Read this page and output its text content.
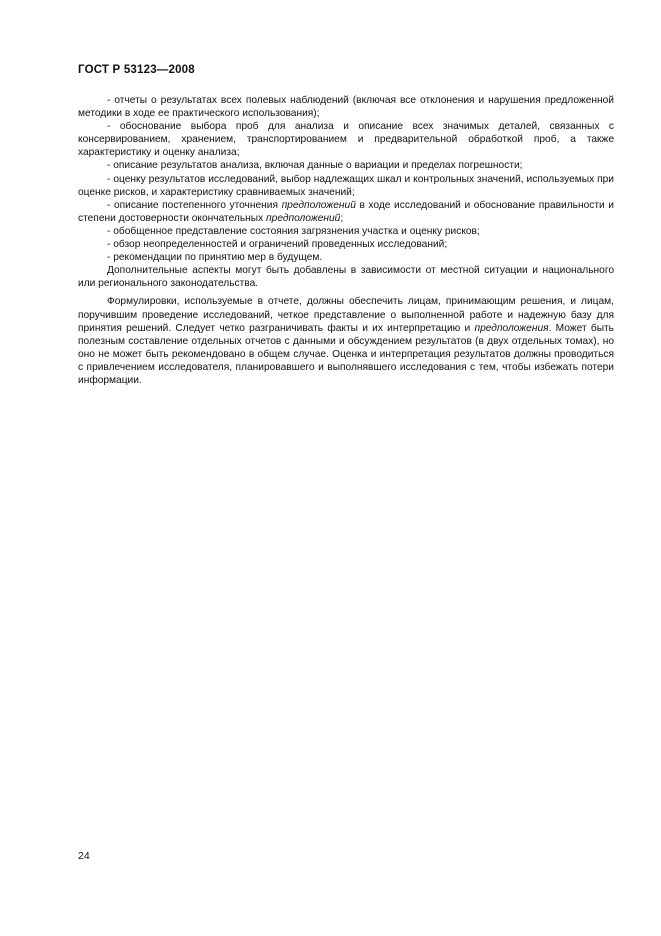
ГОСТ Р 53123—2008

- отчеты о результатах всех полевых наблюдений (включая все отклонения и нарушения предложенной методики в ходе ее практического использования);

- обоснование выбора проб для анализа и описание всех значимых деталей, связанных с консервированием, хранением, транспортированием и предварительной обработкой проб, а также характеристику и оценку анализа;

- описание результатов анализа, включая данные о вариации и пределах погрешности;

- оценку результатов исследований, выбор надлежащих шкал и контрольных значений, используемых при оценке рисков, и характеристику сравниваемых значений;

- описание постепенного уточнения предположений в ходе исследований и обоснование правильности и степени достоверности окончательных предположений;

- обобщенное представление состояния загрязнения участка и оценку рисков;

- обзор неопределенностей и ограничений проведенных исследований;

- рекомендации по принятию мер в будущем.

Дополнительные аспекты могут быть добавлены в зависимости от местной ситуации и национального или регионального законодательства.

Формулировки, используемые в отчете, должны обеспечить лицам, принимающим решения, и лицам, поручившим проведение исследований, четкое представление о выполненной работе и надежную базу для принятия решений. Следует четко разграничивать факты и их интерпретацию и предположения. Может быть полезным составление отдельных отчетов с данными и обсуждением результатов (в двух отдельных томах), но оно не может быть рекомендовано в общем случае. Оценка и интерпретация результатов должны проводиться с привлечением исследователя, планировавшего и выполнявшего исследования с тем, чтобы избежать потери информации.

24
